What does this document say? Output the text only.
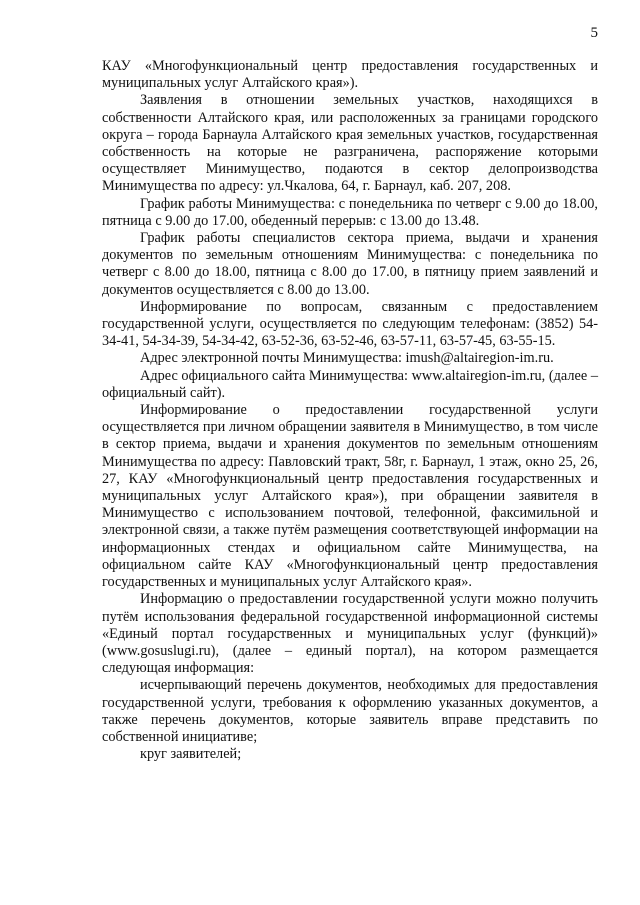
5

КАУ «Многофункциональный центр предоставления государственных и муниципальных услуг Алтайского края»).

Заявления в отношении земельных участков, находящихся в собственности Алтайского края, или расположенных за границами городского округа – города Барнаула Алтайского края земельных участков, государственная собственность на которые не разграничена, распоряжение которыми осуществляет Минимущество, подаются в сектор делопроизводства Минимущества по адресу: ул.Чкалова, 64, г. Барнаул, каб. 207, 208.

График работы Минимущества: с понедельника по четверг с 9.00 до 18.00, пятница с 9.00 до 17.00, обеденный перерыв: с 13.00 до 13.48.

График работы специалистов сектора приема, выдачи и хранения документов по земельным отношениям Минимущества: с понедельника по четверг с 8.00 до 18.00, пятница с 8.00 до 17.00, в пятницу прием заявлений и документов осуществляется с 8.00 до 13.00.

Информирование по вопросам, связанным с предоставлением государственной услуги, осуществляется по следующим телефонам: (3852) 54-34-41, 54-34-39, 54-34-42, 63-52-36, 63-52-46, 63-57-11, 63-57-45, 63-55-15.

Адрес электронной почты Минимущества: imush@altairegion-im.ru.

Адрес официального сайта Минимущества: www.altairegion-im.ru, (далее – официальный сайт).

Информирование о предоставлении государственной услуги осуществляется при личном обращении заявителя в Минимущество, в том числе в сектор приема, выдачи и хранения документов по земельным отношениям Минимущества по адресу: Павловский тракт, 58г, г. Барнаул, 1 этаж, окно 25, 26, 27, КАУ «Многофункциональный центр предоставления государственных и муниципальных услуг Алтайского края»), при обращении заявителя в Минимущество с использованием почтовой, телефонной, факсимильной и электронной связи, а также путём размещения соответствующей информации на информационных стендах и официальном сайте Минимущества, на официальном сайте КАУ «Многофункциональный центр предоставления государственных и муниципальных услуг Алтайского края».

Информацию о предоставлении государственной услуги можно получить путём использования федеральной государственной информационной системы «Единый портал государственных и муниципальных услуг (функций)» (www.gosuslugi.ru), (далее – единый портал), на котором размещается следующая информация:

исчерпывающий перечень документов, необходимых для предоставления государственной услуги, требования к оформлению указанных документов, а также перечень документов, которые заявитель вправе представить по собственной инициативе;

круг заявителей;
